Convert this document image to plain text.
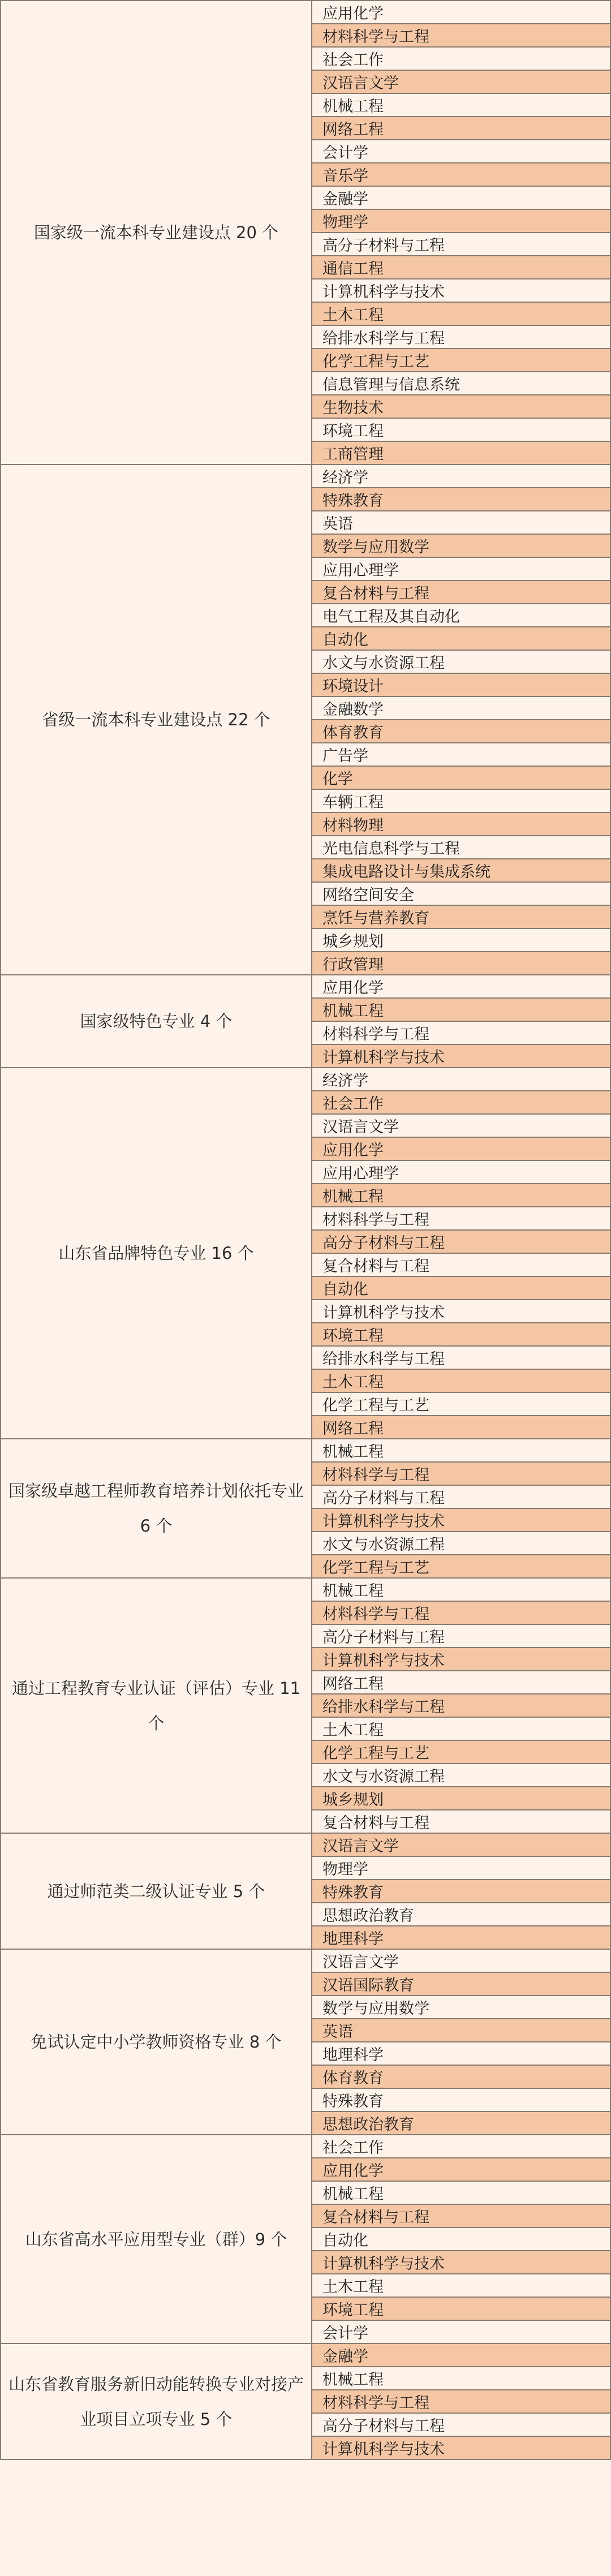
国家级一流本科专业建设点 20 个	应用化学
	材料科学与工程
	社会工作
	汉语言文学
	机械工程
	网络工程
	会计学
	音乐学
	金融学
	物理学
	高分子材料与工程
	通信工程
	计算机科学与技术
	土木工程
	给排水科学与工程
	化学工程与工艺
	信息管理与信息系统
	生物技术
	环境工程
	工商管理
省级一流本科专业建设点 22 个	经济学
	特殊教育
	英语
	数学与应用数学
	应用心理学
	复合材料与工程
	电气工程及其自动化
	自动化
	水文与水资源工程
	环境设计
	金融数学
	体育教育
	广告学
	化学
	车辆工程
	材料物理
	光电信息科学与工程
	集成电路设计与集成系统
	网络空间安全
	烹饪与营养教育
	城乡规划
	行政管理
国家级特色专业 4 个	应用化学
	机械工程
	材料科学与工程
	计算机科学与技术
山东省品牌特色专业 16 个	经济学
	社会工作
	汉语言文学
	应用化学
	应用心理学
	机械工程
	材料科学与工程
	高分子材料与工程
	复合材料与工程
	自动化
	计算机科学与技术
	环境工程
	给排水科学与工程
	土木工程
	化学工程与工艺
	网络工程
国家级卓越工程师教育培养计划依托专业 6 个	机械工程
	材料科学与工程
	高分子材料与工程
	计算机科学与技术
	水文与水资源工程
	化学工程与工艺
通过工程教育专业认证（评估）专业 11 个	机械工程
	材料科学与工程
	高分子材料与工程
	计算机科学与技术
	网络工程
	给排水科学与工程
	土木工程
	化学工程与工艺
	水文与水资源工程
	城乡规划
	复合材料与工程
通过师范类二级认证专业 5 个	汉语言文学
	物理学
	特殊教育
	思想政治教育
	地理科学
免试认定中小学教师资格专业 8 个	汉语言文学
	汉语国际教育
	数学与应用数学
	英语
	地理科学
	体育教育
	特殊教育
	思想政治教育
山东省高水平应用型专业（群）9 个	社会工作
	应用化学
	机械工程
	复合材料与工程
	自动化
	计算机科学与技术
	土木工程
	环境工程
	会计学
山东省教育服务新旧动能转换专业对接产业项目立项专业 5 个	金融学
	机械工程
	材料科学与工程
	高分子材料与工程
	计算机科学与技术
